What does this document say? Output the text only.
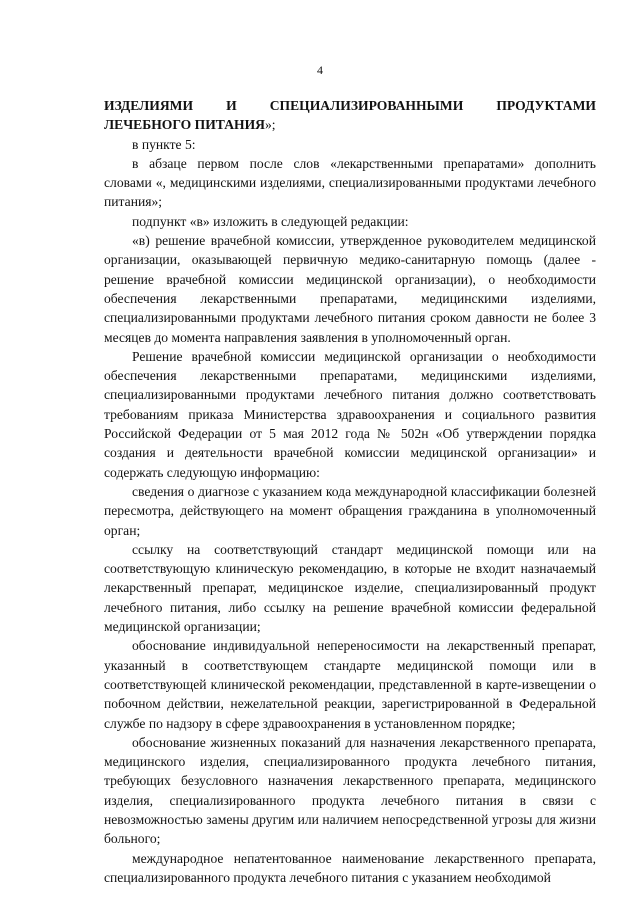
4
ИЗДЕЛИЯМИ И СПЕЦИАЛИЗИРОВАННЫМИ ПРОДУКТАМИ

ЛЕЧЕБНОГО ПИТАНИЯ»;

в пункте 5:

в абзаце первом после слов «лекарственными препаратами» дополнить словами «, медицинскими изделиями, специализированными продуктами лечебного питания»;

подпункт «в» изложить в следующей редакции:

«в) решение врачебной комиссии, утвержденное руководителем медицинской организации, оказывающей первичную медико-санитарную помощь (далее - решение врачебной комиссии медицинской организации), о необходимости обеспечения лекарственными препаратами, медицинскими изделиями, специализированными продуктами лечебного питания сроком давности не более 3 месяцев до момента направления заявления в уполномоченный орган.

Решение врачебной комиссии медицинской организации о необходимости обеспечения лекарственными препаратами, медицинскими изделиями, специализированными продуктами лечебного питания должно соответствовать требованиям приказа Министерства здравоохранения и социального развития Российской Федерации от 5 мая 2012 года № 502н «Об утверждении порядка создания и деятельности врачебной комиссии медицинской организации» и содержать следующую информацию:

сведения о диагнозе с указанием кода международной классификации болезней пересмотра, действующего на момент обращения гражданина в уполномоченный орган;

ссылку на соответствующий стандарт медицинской помощи или на соответствующую клиническую рекомендацию, в которые не входит назначаемый лекарственный препарат, медицинское изделие, специализированный продукт лечебного питания, либо ссылку на решение врачебной комиссии федеральной медицинской организации;

обоснование индивидуальной непереносимости на лекарственный препарат, указанный в соответствующем стандарте медицинской помощи или в соответствующей клинической рекомендации, представленной в карте-извещении о побочном действии, нежелательной реакции, зарегистрированной в Федеральной службе по надзору в сфере здравоохранения в установленном порядке;

обоснование жизненных показаний для назначения лекарственного препарата, медицинского изделия, специализированного продукта лечебного питания, требующих безусловного назначения лекарственного препарата, медицинского изделия, специализированного продукта лечебного питания в связи с невозможностью замены другим или наличием непосредственной угрозы для жизни больного;

международное непатентованное наименование лекарственного препарата, специализированного продукта лечебного питания с указанием необходимой
